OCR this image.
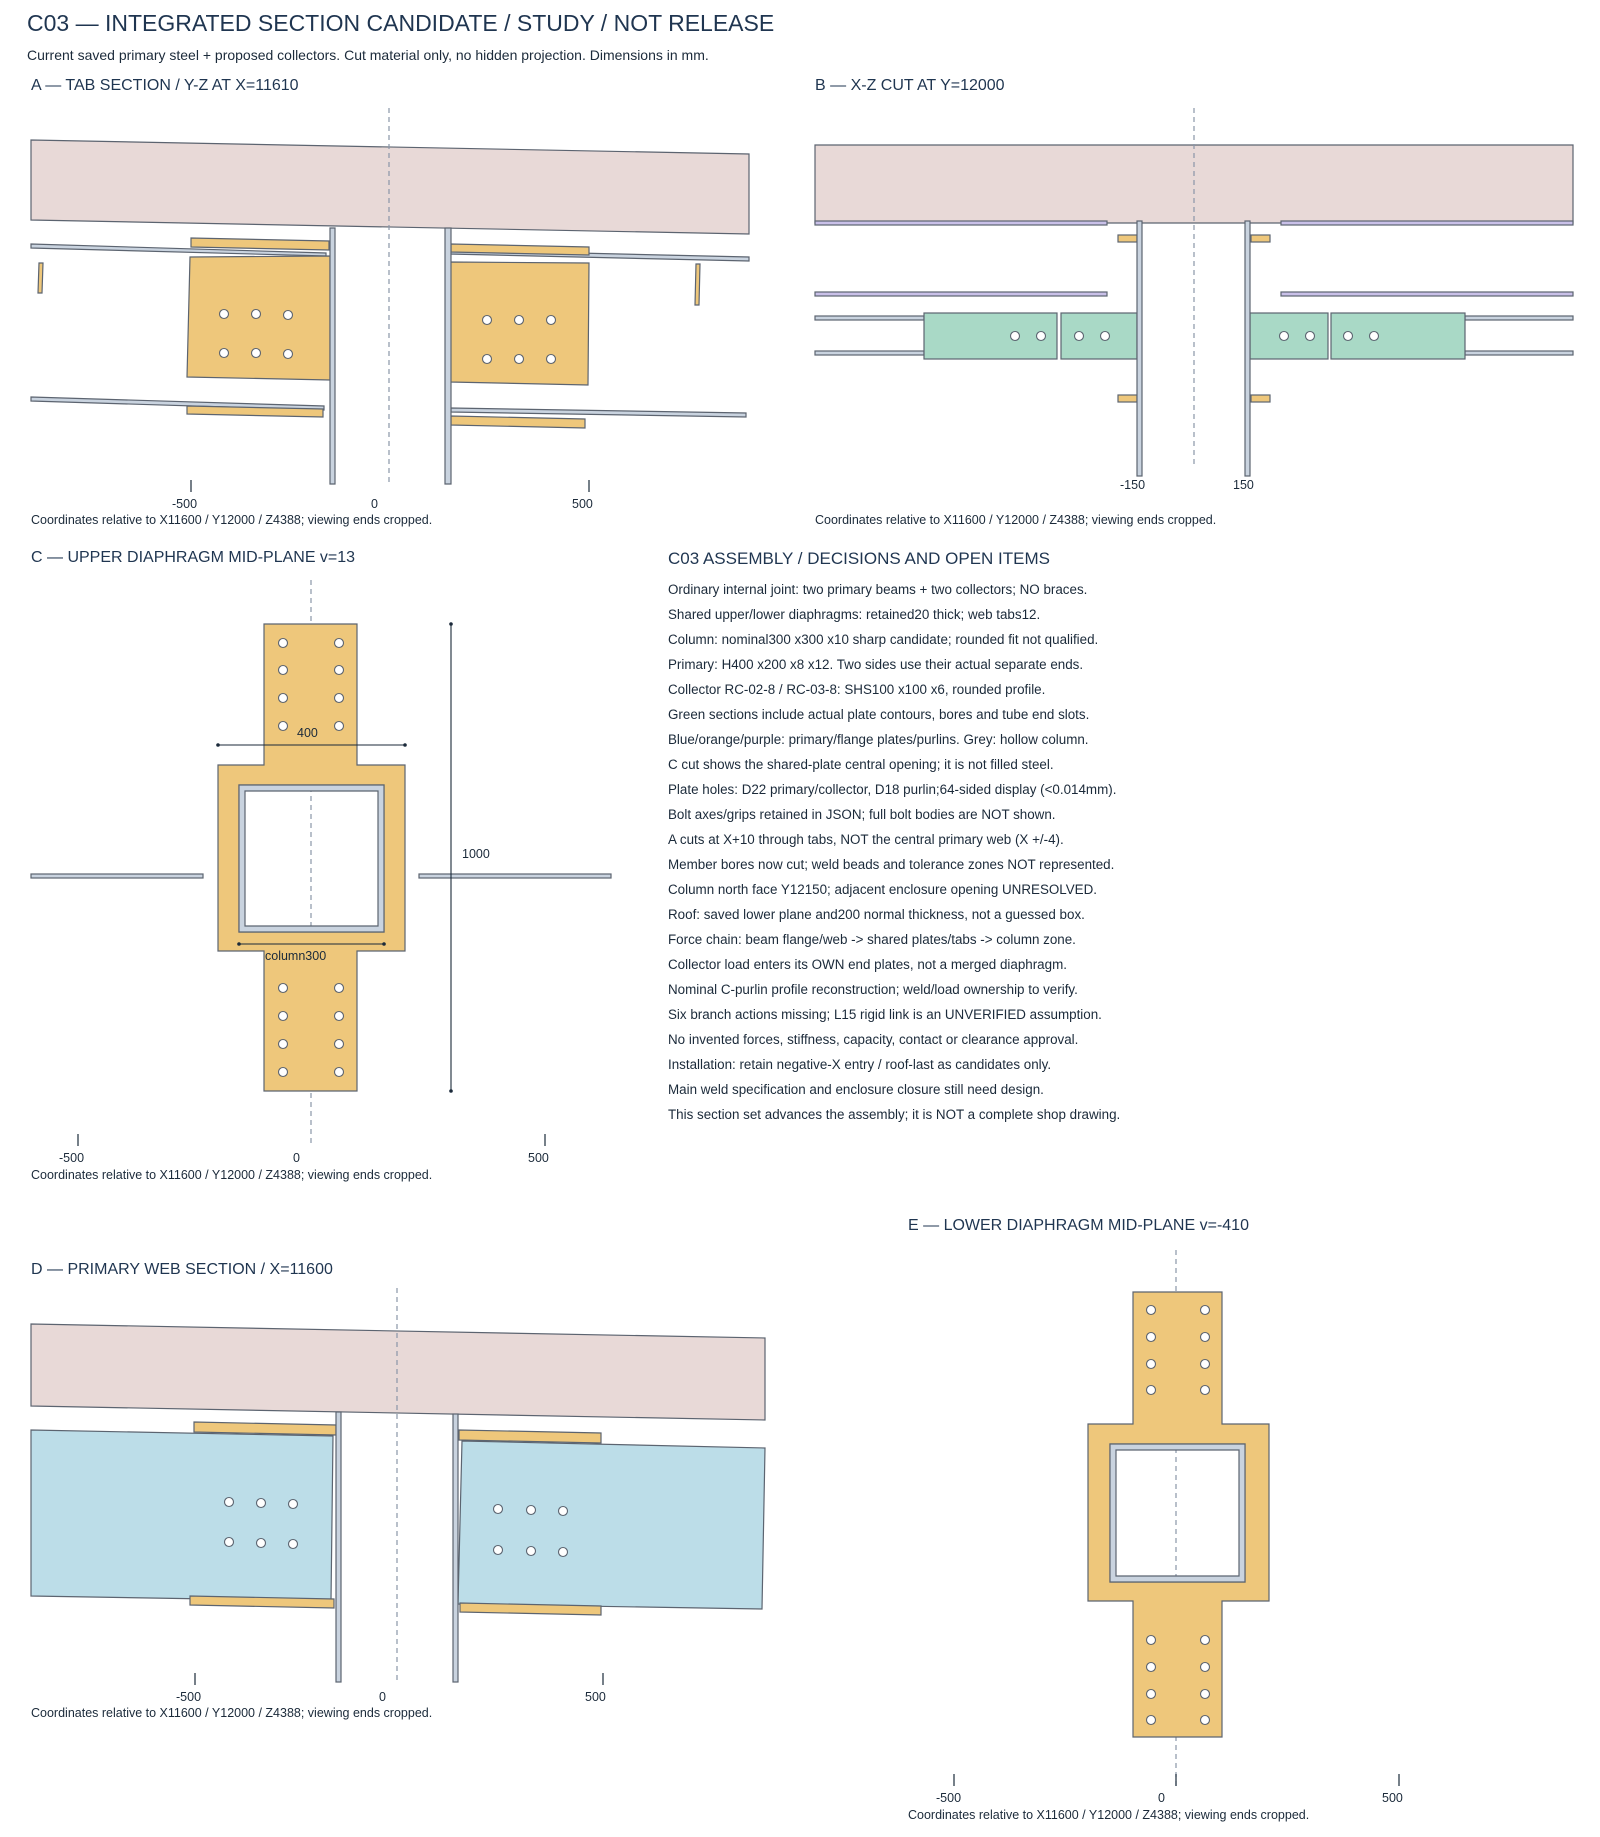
C03 — INTEGRATED SECTION CANDIDATE / STUDY / NOT RELEASE
Current saved primary steel + proposed collectors. Cut material only, no hidden projection. Dimensions in mm.
A — TAB SECTION / Y-Z AT X=11610	B — X-Z CUT AT Y=12000
C — UPPER DIAPHRAGM MID-PLANE v=13
D — PRIMARY WEB SECTION / X=11600
E — LOWER DIAPHRAGM MID-PLANE v=-410
Coordinates relative to X11600 / Y12000 / Z4388; viewing ends cropped.	Coordinates relative to X11600 / Y12000 / Z4388; viewing ends cropped.
Coordinates relative to X11600 / Y12000 / Z4388; viewing ends cropped.
Coordinates relative to X11600 / Y12000 / Z4388; viewing ends cropped.
Coordinates relative to X11600 / Y12000 / Z4388; viewing ends cropped.
C03 ASSEMBLY / DECISIONS AND OPEN ITEMS
Ordinary internal joint: two primary beams + two collectors; NO braces.
Shared upper/lower diaphragms: retained20 thick; web tabs12.
Column: nominal300 x300 x10 sharp candidate; rounded fit not qualified.
Primary: H400 x200 x8 x12. Two sides use their actual separate ends.
Collector RC-02-8 / RC-03-8: SHS100 x100 x6, rounded profile.
Green sections include actual plate contours, bores and tube end slots.
Blue/orange/purple: primary/flange plates/purlins. Grey: hollow column.
C cut shows the shared-plate central opening; it is not filled steel.
Plate holes: D22 primary/collector, D18 purlin;64-sided display (<0.014mm).
Bolt axes/grips retained in JSON; full bolt bodies are NOT shown.
A cuts at X+10 through tabs, NOT the central primary web (X +/-4).
Member bores now cut; weld beads and tolerance zones NOT represented.
Column north face Y12150; adjacent enclosure opening UNRESOLVED.
Roof: saved lower plane and200 normal thickness, not a guessed box.
Force chain: beam flange/web -> shared plates/tabs -> column zone.
Collector load enters its OWN end plates, not a merged diaphragm.
Nominal C-purlin profile reconstruction; weld/load ownership to verify.
Six branch actions missing; L15 rigid link is an UNVERIFIED assumption.
No invented forces, stiffness, capacity, contact or clearance approval.
Installation: retain negative-X entry / roof-last as candidates only.
Main weld specification and enclosure closure still need design.
This section set advances the assembly; it is NOT a complete shop drawing.
-500	0	500
-150	150
400
1000
column300
-500	0	500
-500	0	500
-500	0	500
